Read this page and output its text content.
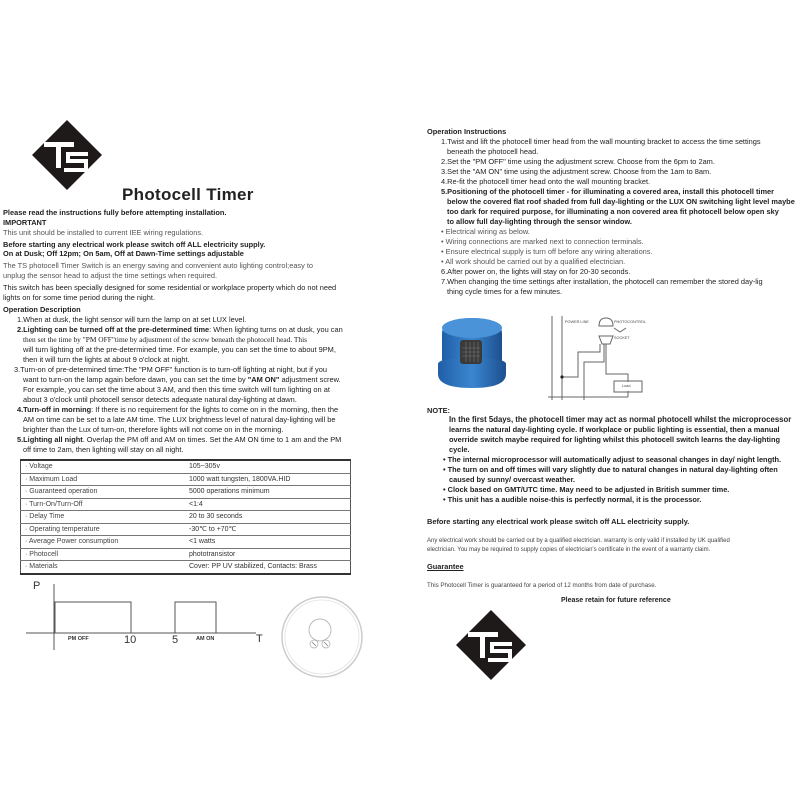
Photocell Timer
Please read the instructions fully before attempting installation.
IMPORTANT
This unit should be installed to current IEE wiring regulations.
Before starting any electrical work please switch off ALL electricity supply.
On at Dusk; Off 12pm; On 5am, Off at Dawn-Time settings adjustable
The TS photocell Timer Switch is an energy saving and convenient auto lighting control;easy to
unplug the sensor head to adjust the time settings when required.
This switch has been specially designed for some residential or workplace property which do not need
lights on for some time period during the night.
Operation Description
1.When at dusk, the light sensor will turn the lamp on at set LUX level.
2.Lighting can be turned off at the pre-determined time: When lighting turns on at dusk, you can
then set the time by "PM OFF"time by adjustment of the screw beneath the photocell head. This
will turn lighting off at the pre-determined time. For example, you can set the time to about 9PM,
then it will turn the lights at about 9 o'clock at night.
3.Turn-on of pre-determined time:The "PM OFF" function is to turn-off lighting at night, but if you
want to turn-on the lamp again before dawn, you can set the time by "AM ON" adjustment screw.
For example, you can set the time about 3 AM, and then this time switch will turn lighting on at
about 3 o'clock until photocell sensor detects adequate natural day-lighting at dawn.
4.Turn-off in morning: If there is no requirement for the lights to come on in the morning, then the
AM on time can be set to a late AM time. The LUX brightness level of natural day-lighting will be
brighter than the Lux of turn-on, therefore lights will not come on in the morning.
5.Lighting all night. Overlap the PM off and AM on times. Set the AM ON time to 1 am and the PM
off time to 2am, then lighting will stay on all night.
· Voltage	105~305v
· Maximum Load	1000 watt tungsten, 1800VA.HID
· Guaranteed operation	5000 operations minimum
· Turn-On/Turn-Off	<1:4
· Delay Time	20 to 30 seconds
· Operating temperature	-30℃ to +70℃
· Average Power consumption	<1 watts
· Photocell	phototransistor
· Materials	Cover: PP UV stabilized, Contacts: Brass
P
PM OFF	10	5	AM ON	T
Operation Instructions
1.Twist and lift the photocell timer head from the wall mounting bracket to access the time settings
beneath the photocell head.
2.Set the "PM OFF" time using the adjustment screw. Choose from the 6pm to 2am.
3.Set the "AM ON" time using the adjustment screw. Choose from the 1am to 8am.
4.Re-fit the photocell timer head onto the wall mounting bracket.
5.Positioning of the photocell timer - for illuminating a covered area, install this photocell timer
below the covered flat roof shaded from full day-lighting or the LUX ON switching light level maybe
too dark for required purpose, for illuminating a non covered area fit photocell below open sky
to allow full day-lighting through the sensor window.
• Electrical wiring as below.
• Wiring connections are marked next to connection terminals.
• Ensure electrical supply is turn off before any wiring alterations.
• All work should be carried out by a qualified electrician.
6.After power on, the lights will stay on for 20-30 seconds.
7.When changing the time settings after installation, the photocell can remember the stored day-lig
thing cycle times for a few minutes.
POWER LINE	PHOTOCONTROL
SOCKET
Load
NOTE:
In the first 5days, the photocell timer may act as normal photocell whilst the microprocessor
learns the natural day-lighting cycle. If workplace or public lighting is essential, then a manual
override switch maybe required for lighting whilst this photocell switch learns the day-lighting
cycle.
• The internal microprocessor will automatically adjust to seasonal changes in day/ night length.
• The turn on and off times will vary slightly due to natural changes in natural day-lighting often
caused by sunny/ overcast weather.
• Clock based on GMT/UTC time. May need to be adjusted in British summer time.
• This unit has a audible noise-this is perfectly normal, it is the processor.
Before starting any electrical work please switch off ALL electricity supply.
Any electrical work should be carried out by a qualified electrician. warranty is only valid if installed by UK qualified
electrician. You may be required to supply copies of electrician's certificate in the event of a warranty claim.
Guarantee
This Photocell Timer is guaranteed for a period of 12 months from date of purchase.
Please retain for future reference
